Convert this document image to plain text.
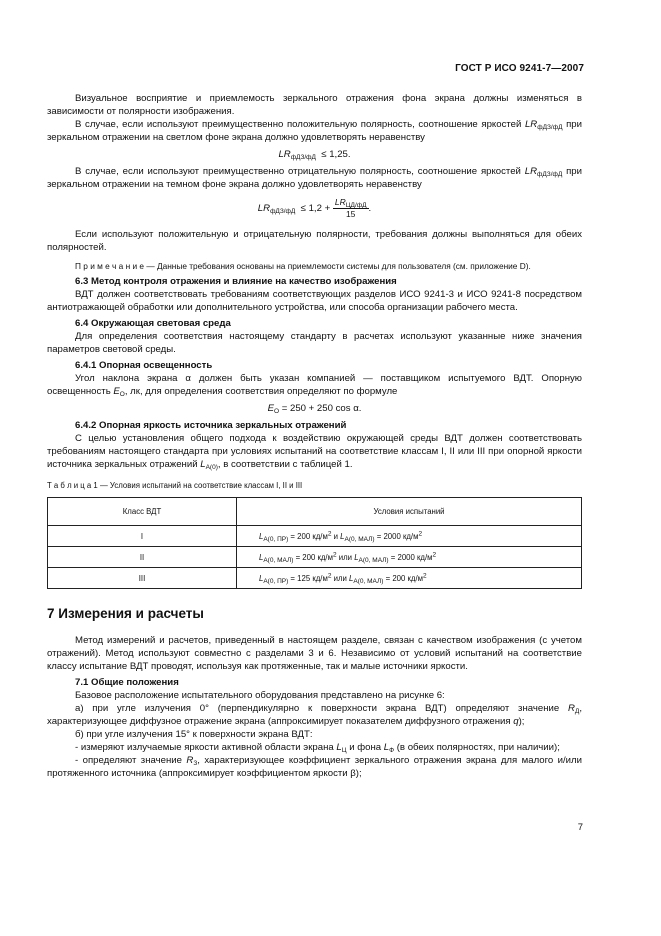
ГОСТ Р ИСО 9241-7—2007

Визуальное восприятие и приемлемость зеркального отражения фона экрана должны изменяться в зависимости от полярности изображения.

В случае, если используют преимущественно положительную полярность, соотношение яркостей $LR_{фДЗ/фД}$ при зеркальном отражении на светлом фоне экрана должно удовлетворять неравенству

$LR_{фДЗ/фД} \le 1,25$.

В случае, если используют преимущественно отрицательную полярность, соотношение яркостей $LR_{фДЗ/фД}$ при зеркальном отражении на темном фоне экрана должно удовлетворять неравенству

$LR_{фДЗ/фД} \le 1,2 + \frac{LR_{ЦД/фД}}{15}$ .

Если используют положительную и отрицательную полярности, требования должны выполняться для обеих полярностей.

П р и м е ч а н и е — Данные требования основаны на приемлемости системы для пользователя (см. приложение D).

6.3 Метод контроля отражения и влияние на качество изображения

ВДТ должен соответствовать требованиям соответствующих разделов ИСО 9241-3 и ИСО 9241-8 посредством антиотражающей обработки или дополнительного устройства, или способа организации рабочего места.

6.4 Окружающая световая среда

Для определения соответствия настоящему стандарту в расчетах используют указанные ниже значения параметров световой среды.

6.4.1 Опорная освещенность

Угол наклона экрана α должен быть указан компанией — поставщиком испытуемого ВДТ. Опорную освещенность $E_О$, лк, для определения соответствия определяют по формуле

$E_О = 250 + 250$ cos α.
6.4.2 Опорная яркость источника зеркальных отражений

С целью установления общего подхода к воздействию окружающей среды ВДТ должен соответствовать требованиям настоящего стандарта при условиях испытаний на соответствие классам I, II или III при опорной яркости источника зеркальных отражений $L_{A(0)}$, в соответствии с таблицей 1.

Т а б л и ц а 1 — Условия испытаний на соответствие классам I, II и III
Класс ВДТ	Условия испытаний
I	$L_{A(0, ПР)} = 200$ $кд/м^2$ и $L_{A(0, МАЛ)} = 2000$ $кд/м^2$
II	$L_{A(0, МАЛ)} = 200$ $кд/м^2$ или $L_{A(0, МАЛ)} = 2000$ $кд/м^2$
III	$L_{A(0, ПР)} = 125$ $кд/м^2$ или $L_{A(0, МАЛ)} = 200$ $кд/м^2$
7 Измерения и расчеты

Метод измерений и расчетов, приведенный в настоящем разделе, связан с качеством изображения (с учетом отражений). Метод используют совместно с разделами 3 и 6. Независимо от условий испытаний на соответствие классу испытание ВДТ проводят, используя как протяженные, так и малые источники яркости.

7.1 Общие положения

Базовое расположение испытательного оборудования представлено на рисунке 6:

а) при угле излучения 0° (перпендикулярно к поверхности экрана ВДТ) определяют значение $R_Д$, характеризующее диффузное отражение экрана (аппроксимирует показателем диффузного отражения q);

б) при угле излучения 15° к поверхности экрана ВДТ:

- измеряют излучаемые яркости активной области экрана $L_Ц$ и фона $L_Ф$ (в обеих полярностях, при наличии);

- определяют значение $R_З$, характеризующее коэффициент зеркального отражения экрана для малого и/или протяженного источника (аппроксимирует коэффициентом яркости β);

7
